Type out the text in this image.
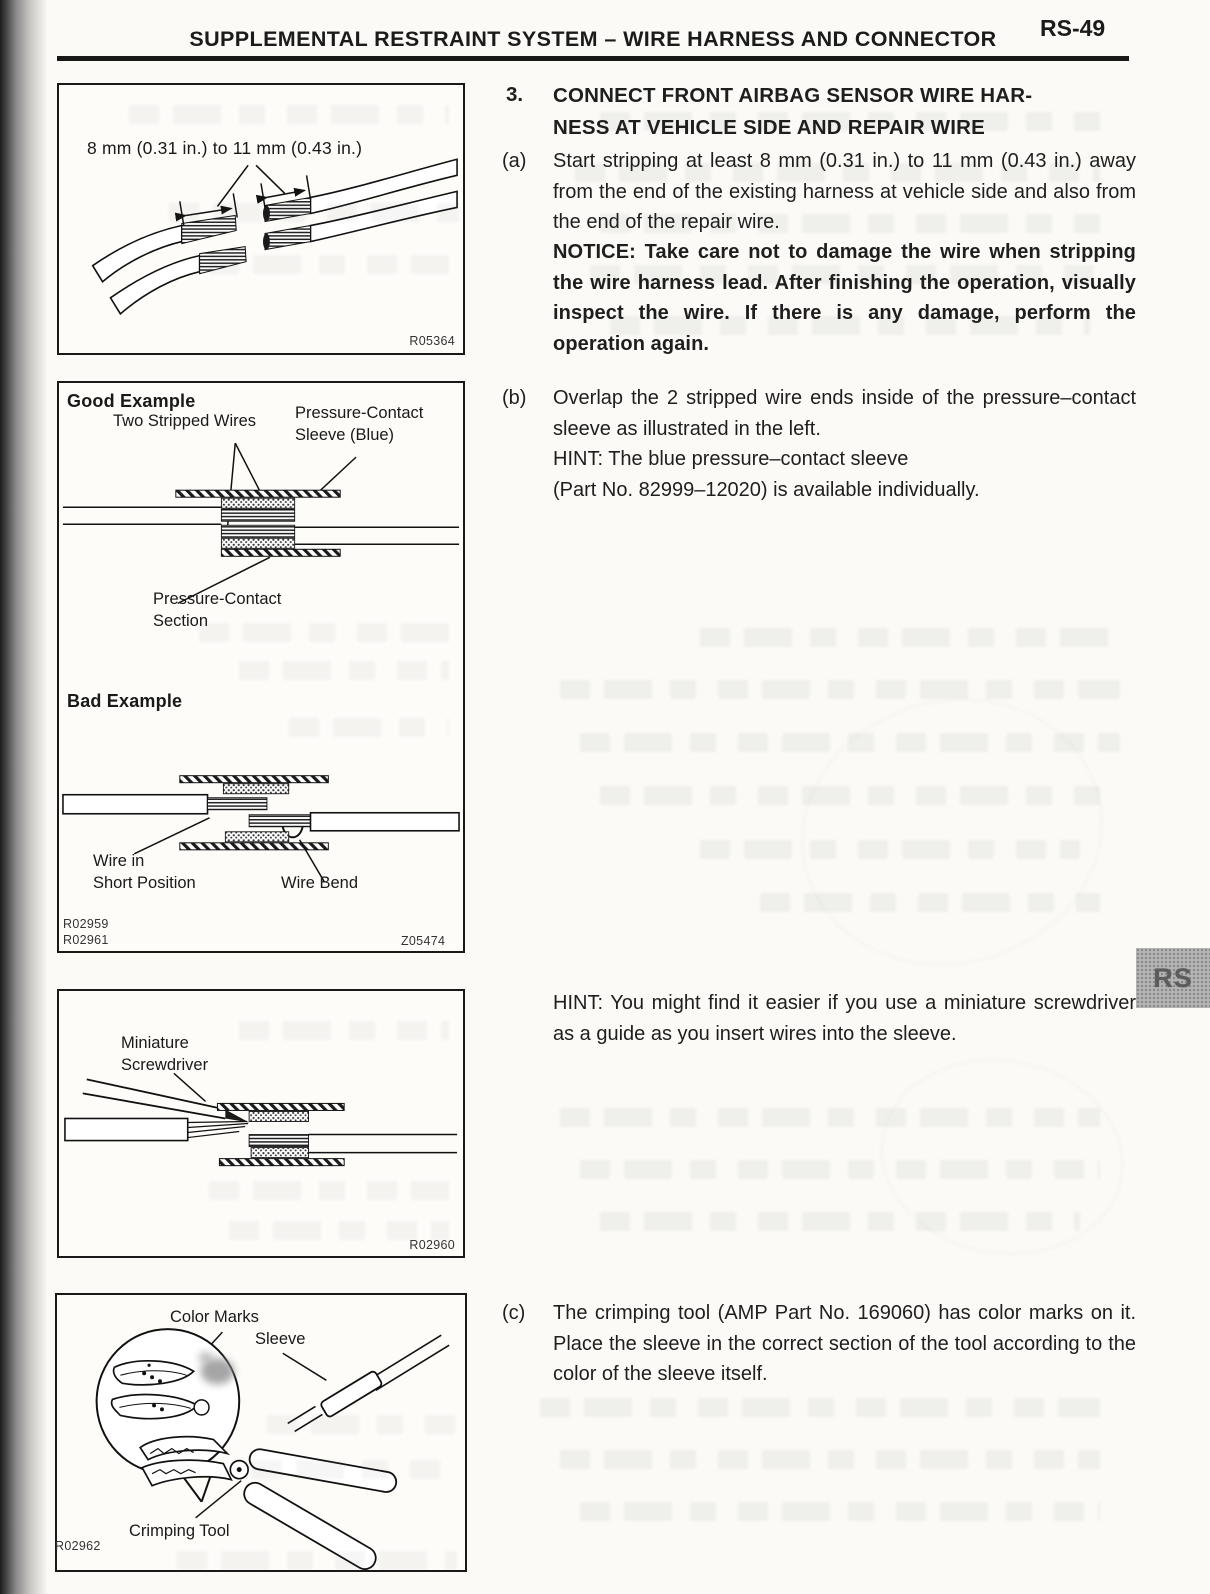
SUPPLEMENTAL RESTRAINT SYSTEM – WIRE HARNESS AND CONNECTOR	RS-49
RS
8 mm (0.31 in.) to 11 mm (0.43 in.)
R05364
Good Example
Two Stripped Wires Pressure-Contact
Sleeve (Blue)
Pressure-Contact
Section
Bad Example
Wire in
Short Position	Wire Bend
R02959
R02961	Z05474
Miniature
Screwdriver
R02960
Color Marks
Sleeve
Crimping Tool
R02962
3. CONNECT FRONT AIRBAG SENSOR WIRE HAR-
NESS AT VEHICLE SIDE AND REPAIR WIRE
(a) Start stripping at least 8 mm (0.31 in.) to 11 mm (0.43 in.) away from the end of the existing harness at vehicle side and also from the end of the repair wire.
NOTICE: Take care not to damage the wire when stripping the wire harness lead. After finishing the operation, visually inspect the wire. If there is any damage, perform the operation again.
(b) Overlap the 2 stripped wire ends inside of the pressure–contact sleeve as illustrated in the left.
HINT: The blue pressure–contact sleeve
(Part No. 82999–12020) is available individually.
HINT: You might find it easier if you use a miniature screwdriver as a guide as you insert wires into the sleeve.
(c) The crimping tool (AMP Part No. 169060) has color marks on it. Place the sleeve in the correct section of the tool according to the color of the sleeve itself.
